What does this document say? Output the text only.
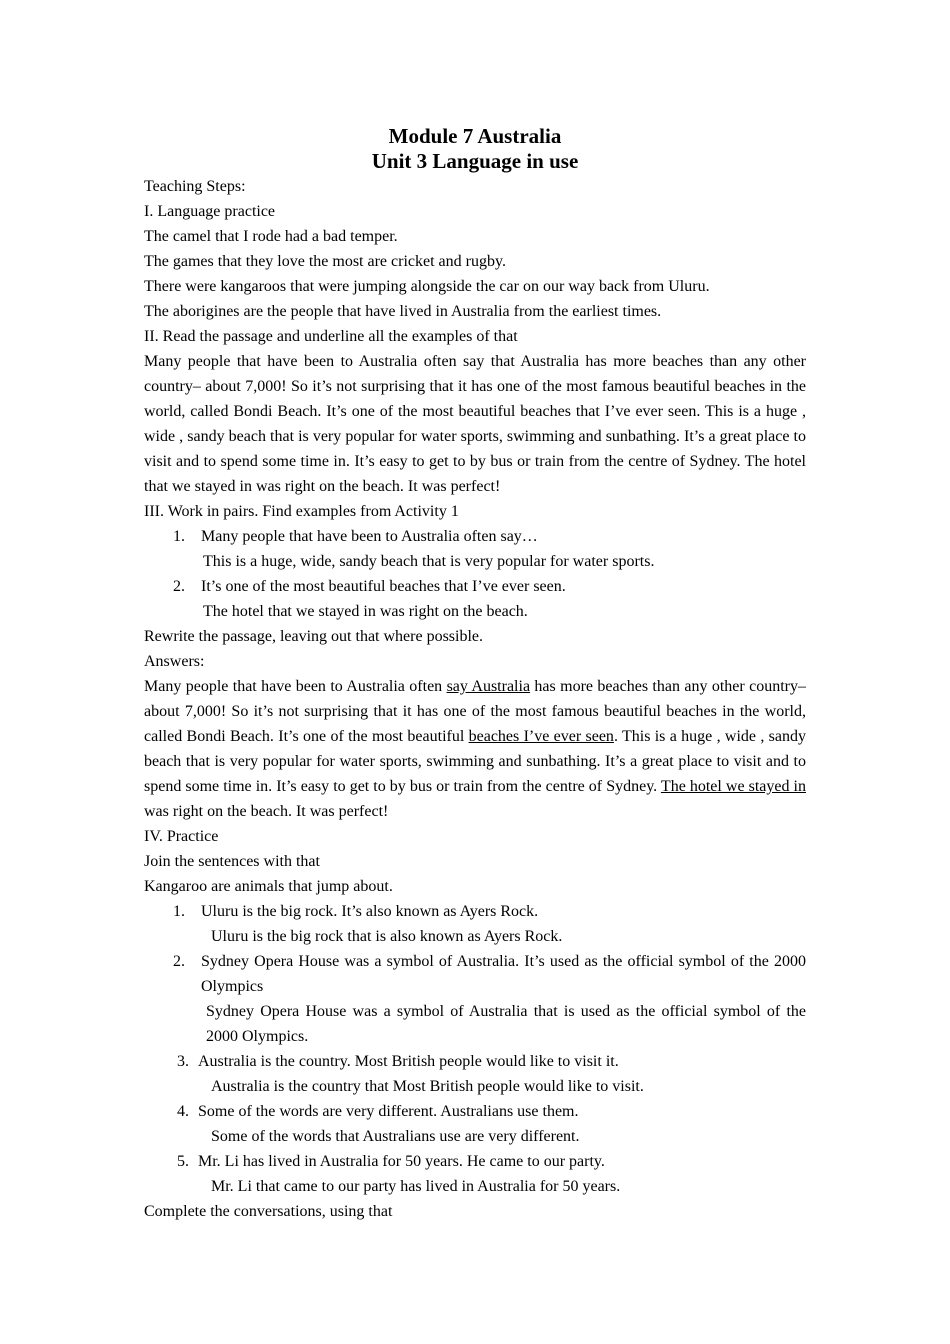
Module 7 Australia
Unit 3 Language in use
Teaching Steps:
I. Language practice
The camel that I rode had a bad temper.
The games that they love the most are cricket and rugby.
There were kangaroos that were jumping alongside the car on our way back from Uluru.
The aborigines are the people that have lived in Australia from the earliest times.
II. Read the passage and underline all the examples of that
Many people that have been to Australia often say that Australia has more beaches than any other country– about 7,000! So it’s not surprising that it has one of the most famous beautiful beaches in the world, called Bondi Beach. It’s one of the most beautiful beaches that I’ve ever seen. This is a huge , wide , sandy beach that is very popular for water sports, swimming and sunbathing. It’s a great place to visit and to spend some time in. It’s easy to get to by bus or train from the centre of Sydney. The hotel that we stayed in was right on the beach. It was perfect!
III. Work in pairs. Find examples from Activity 1
1. Many people that have been to Australia often say…
This is a huge, wide, sandy beach that is very popular for water sports.
2. It’s one of the most beautiful beaches that I’ve ever seen.
The hotel that we stayed in was right on the beach.
Rewrite the passage, leaving out that where possible.
Answers:
Many people that have been to Australia often say Australia has more beaches than any other country– about 7,000! So it’s not surprising that it has one of the most famous beautiful beaches in the world, called Bondi Beach. It’s one of the most beautiful beaches I’ve ever seen. This is a huge , wide , sandy beach that is very popular for water sports, swimming and sunbathing. It’s a great place to visit and to spend some time in. It’s easy to get to by bus or train from the centre of Sydney. The hotel we stayed in was right on the beach. It was perfect!
IV. Practice
Join the sentences with that
Kangaroo are animals that jump about.
1. Uluru is the big rock. It’s also known as Ayers Rock.
Uluru is the big rock that is also known as Ayers Rock.
2. Sydney Opera House was a symbol of Australia. It’s used as the official symbol of the 2000 Olympics
Sydney Opera House was a symbol of Australia that is used as the official symbol of the 2000 Olympics.
3. Australia is the country. Most British people would like to visit it.
Australia is the country that Most British people would like to visit.
4. Some of the words are very different. Australians use them.
Some of the words that Australians use are very different.
5. Mr. Li has lived in Australia for 50 years. He came to our party.
Mr. Li that came to our party has lived in Australia for 50 years.
Complete the conversations, using that
